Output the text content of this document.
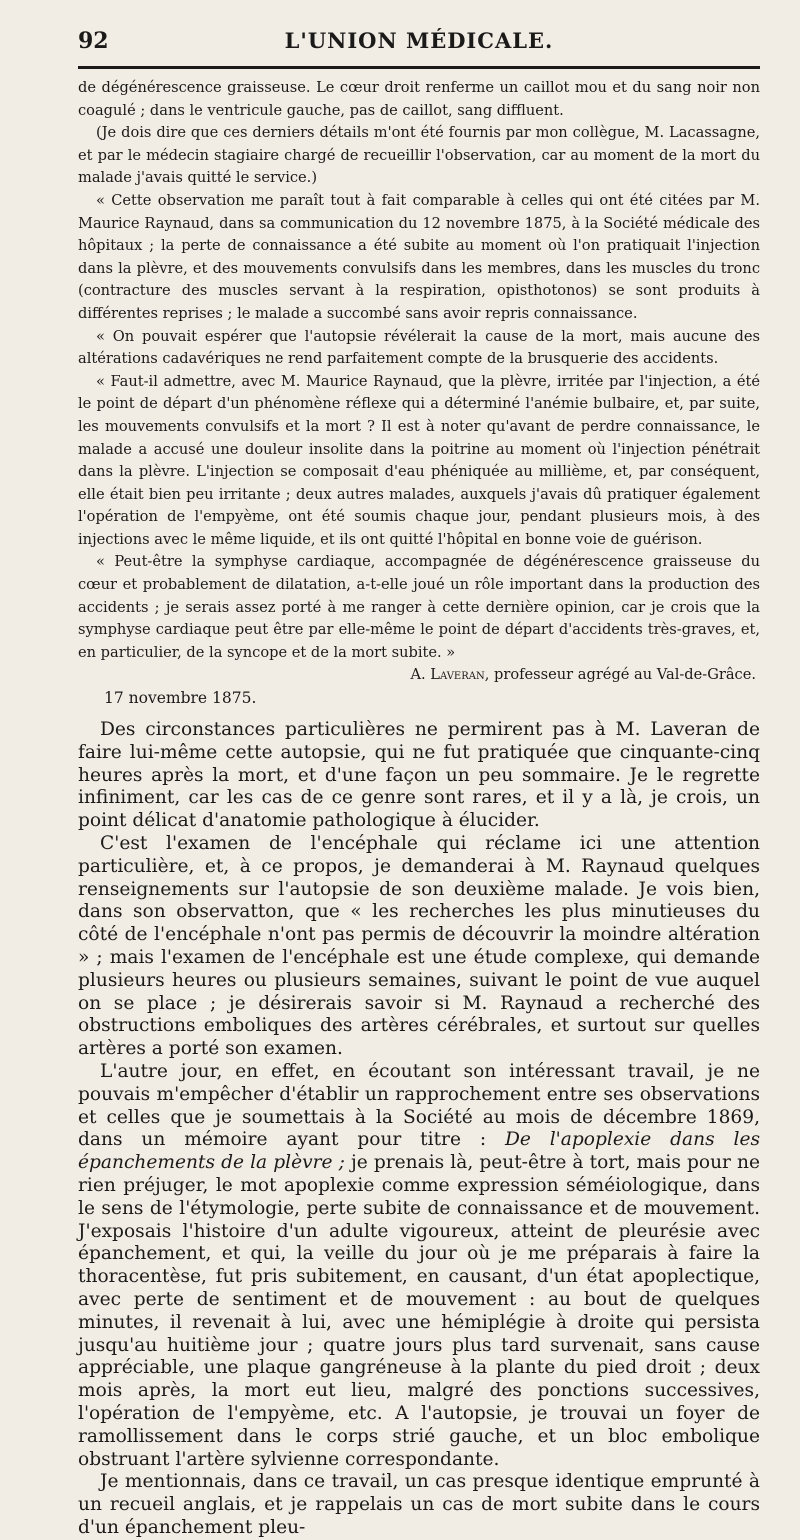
92	L'UNION MÉDICALE.

de dégénérescence graisseuse. Le cœur droit renferme un caillot mou et du sang noir non coagulé ; dans le ventricule gauche, pas de caillot, sang diffluent.

(Je dois dire que ces derniers détails m'ont été fournis par mon collègue, M. Lacassagne, et par le médecin stagiaire chargé de recueillir l'observation, car au moment de la mort du malade j'avais quitté le service.)

« Cette observation me paraît tout à fait comparable à celles qui ont été citées par M. Maurice Raynaud, dans sa communication du 12 novembre 1875, à la Société médicale des hôpitaux ; la perte de connaissance a été subite au moment où l'on pratiquait l'injection dans la plèvre, et des mouvements convulsifs dans les membres, dans les muscles du tronc (contracture des muscles servant à la respiration, opisthotonos) se sont produits à différentes reprises ; le malade a succombé sans avoir repris connaissance.

« On pouvait espérer que l'autopsie révélerait la cause de la mort, mais aucune des altérations cadavériques ne rend parfaitement compte de la brusquerie des accidents.

« Faut-il admettre, avec M. Maurice Raynaud, que la plèvre, irritée par l'injection, a été le point de départ d'un phénomène réflexe qui a déterminé l'anémie bulbaire, et, par suite, les mouvements convulsifs et la mort ? Il est à noter qu'avant de perdre connaissance, le malade a accusé une douleur insolite dans la poitrine au moment où l'injection pénétrait dans la plèvre. L'injection se composait d'eau phéniquée au millième, et, par conséquent, elle était bien peu irritante ; deux autres malades, auxquels j'avais dû pratiquer également l'opération de l'empyème, ont été soumis chaque jour, pendant plusieurs mois, à des injections avec le même liquide, et ils ont quitté l'hôpital en bonne voie de guérison.

« Peut-être la symphyse cardiaque, accompagnée de dégénérescence graisseuse du cœur et probablement de dilatation, a-t-elle joué un rôle important dans la production des accidents ; je serais assez porté à me ranger à cette dernière opinion, car je crois que la symphyse cardiaque peut être par elle-même le point de départ d'accidents très-graves, et, en particulier, de la syncope et de la mort subite. »

A. Laveran, professeur agrégé au Val-de-Grâce.
17 novembre 1875.

Des circonstances particulières ne permirent pas à M. Laveran de faire lui-même cette autopsie, qui ne fut pratiquée que cinquante-cinq heures après la mort, et d'une façon un peu sommaire. Je le regrette infiniment, car les cas de ce genre sont rares, et il y a là, je crois, un point délicat d'anatomie pathologique à élucider.

C'est l'examen de l'encéphale qui réclame ici une attention particulière, et, à ce propos, je demanderai à M. Raynaud quelques renseignements sur l'autopsie de son deuxième malade. Je vois bien, dans son observatton, que « les recherches les plus minutieuses du côté de l'encéphale n'ont pas permis de découvrir la moindre altération » ; mais l'examen de l'encéphale est une étude complexe, qui demande plusieurs heures ou plusieurs semaines, suivant le point de vue auquel on se place ; je désirerais savoir si M. Raynaud a recherché des obstructions emboliques des artères cérébrales, et surtout sur quelles artères a porté son examen.

L'autre jour, en effet, en écoutant son intéressant travail, je ne pouvais m'empêcher d'établir un rapprochement entre ses observations et celles que je soumettais à la Société au mois de décembre 1869, dans un mémoire ayant pour titre : De l'apoplexie dans les épanchements de la plèvre ; je prenais là, peut-être à tort, mais pour ne rien préjuger, le mot apoplexie comme expression séméiologique, dans le sens de l'étymologie, perte subite de connaissance et de mouvement. J'exposais l'histoire d'un adulte vigoureux, atteint de pleurésie avec épanchement, et qui, la veille du jour où je me préparais à faire la thoracentèse, fut pris subitement, en causant, d'un état apoplectique, avec perte de sentiment et de mouvement : au bout de quelques minutes, il revenait à lui, avec une hémiplégie à droite qui persista jusqu'au huitième jour ; quatre jours plus tard survenait, sans cause appréciable, une plaque gangréneuse à la plante du pied droit ; deux mois après, la mort eut lieu, malgré des ponctions successives, l'opération de l'empyème, etc. A l'autopsie, je trouvai un foyer de ramollissement dans le corps strié gauche, et un bloc embolique obstruant l'artère sylvienne correspondante.

Je mentionnais, dans ce travail, un cas presque identique emprunté à un recueil anglais, et je rappelais un cas de mort subite dans le cours d'un épanchement pleu-
